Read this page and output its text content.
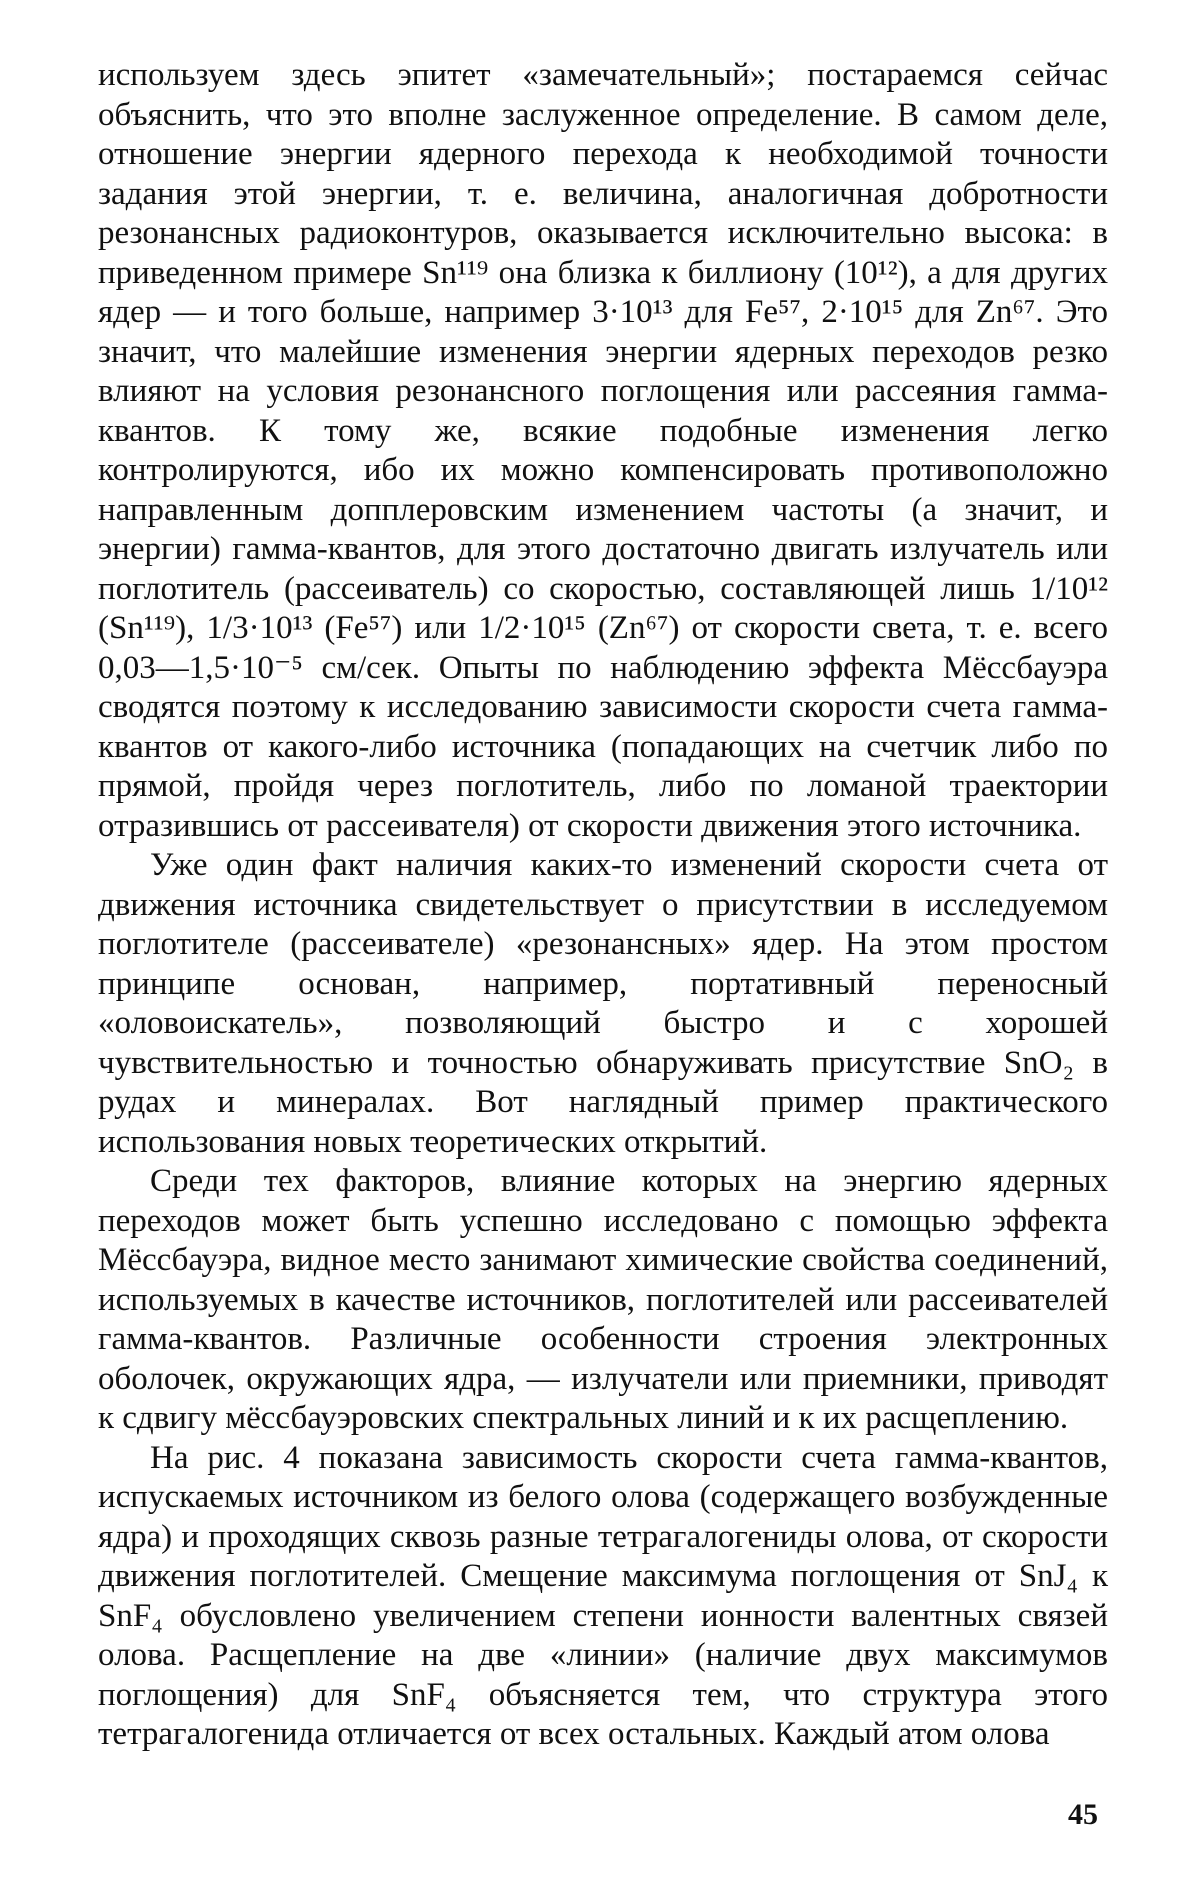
используем здесь эпитет «замечательный»; постараемся сейчас объяснить, что это вполне заслуженное определение. В самом деле, отношение энергии ядерного перехода к необходимой точности задания этой энергии, т. е. величина, аналогичная добротности резонансных радиоконтуров, оказывается исключительно высока: в приведенном примере Sn¹¹⁹ она близка к биллиону (10¹²), а для других ядер — и того больше, например 3·10¹³ для Fe⁵⁷, 2·10¹⁵ для Zn⁶⁷. Это значит, что малейшие изменения энергии ядерных переходов резко влияют на условия резонансного поглощения или рассеяния гамма-квантов. К тому же, всякие подобные изменения легко контролируются, ибо их можно компенсировать противоположно направленным допплеровским изменением частоты (а значит, и энергии) гамма-квантов, для этого достаточно двигать излучатель или поглотитель (рассеиватель) со скоростью, составляющей лишь 1/10¹² (Sn¹¹⁹), 1/3·10¹³ (Fe⁵⁷) или 1/2·10¹⁵ (Zn⁶⁷) от скорости света, т. е. всего 0,03—1,5·10⁻⁵ см/сек. Опыты по наблюдению эффекта Мёссбауэра сводятся поэтому к исследованию зависимости скорости счета гамма-квантов от какого-либо источника (попадающих на счетчик либо по прямой, пройдя через поглотитель, либо по ломаной траектории отразившись от рассеивателя) от скорости движения этого источника.

Уже один факт наличия каких-то изменений скорости счета от движения источника свидетельствует о присутствии в исследуемом поглотителе (рассеивателе) «резонансных» ядер. На этом простом принципе основан, например, портативный переносный «оловоискатель», позволяющий быстро и с хорошей чувствительностью и точностью обнаруживать присутствие SnO₂ в рудах и минералах. Вот наглядный пример практического использования новых теоретических открытий.

Среди тех факторов, влияние которых на энергию ядерных переходов может быть успешно исследовано с помощью эффекта Мёссбауэра, видное место занимают химические свойства соединений, используемых в качестве источников, поглотителей или рассеивателей гамма-квантов. Различные особенности строения электронных оболочек, окружающих ядра, — излучатели или приемники, приводят к сдвигу мёссбауэровских спектральных линий и к их расщеплению.

На рис. 4 показана зависимость скорости счета гамма-квантов, испускаемых источником из белого олова (содержащего возбужденные ядра) и проходящих сквозь разные тетрагалогениды олова, от скорости движения поглотителей. Смещение максимума поглощения от SnJ₄ к SnF₄ обусловлено увеличением степени ионности валентных связей олова. Расщепление на две «линии» (наличие двух максимумов поглощения) для SnF₄ объясняется тем, что структура этого тетрагалогенида отличается от всех остальных. Каждый атом олова

45
